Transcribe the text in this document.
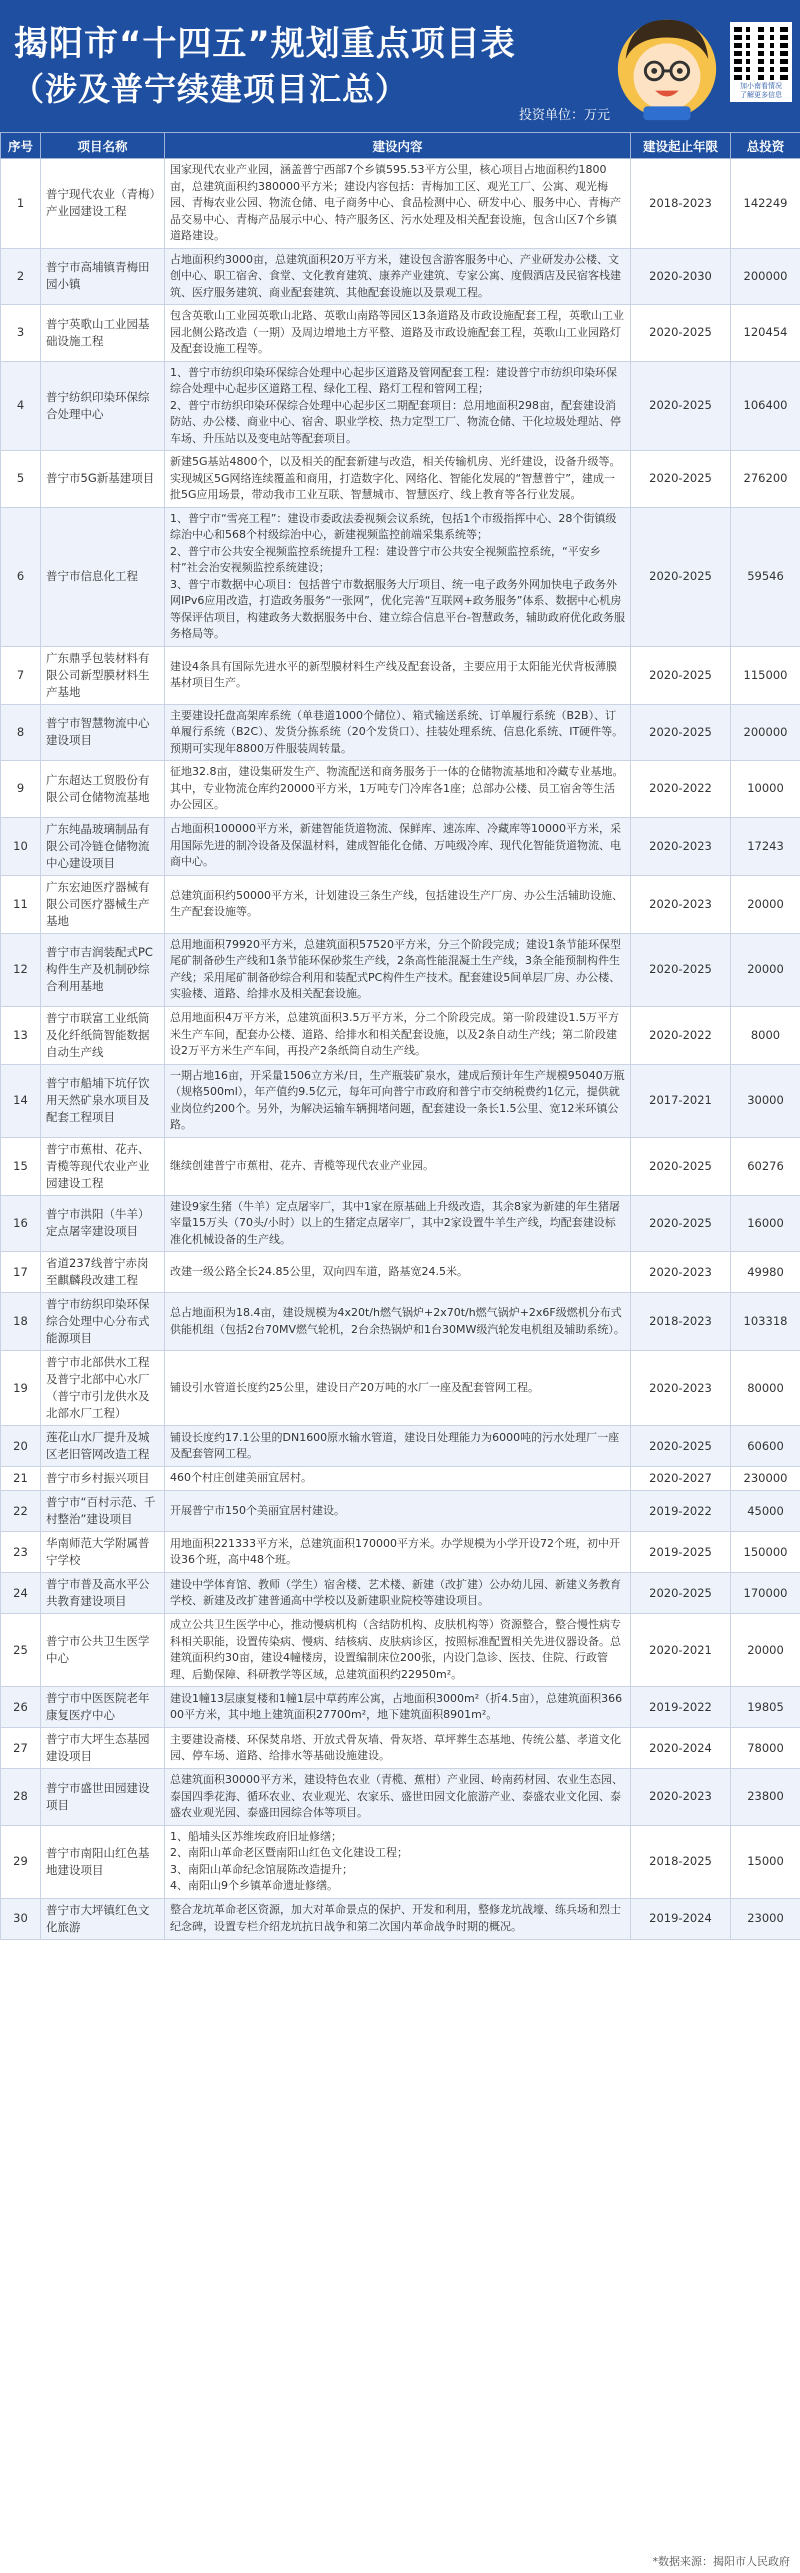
揭阳市“十四五”规划重点项目表
（涉及普宁续建项目汇总）
投资单位：万元
加小南看情况
了解更多信息
序号	项目名称	建设内容	建设起止年限	总投资
1	普宁现代农业（青梅）产业园建设工程	国家现代农业产业园，涵盖普宁西部7个乡镇595.53平方公里，核心项目占地面积约1800亩，总建筑面积约380000平方米；建设内容包括：青梅加工区、观光工厂、公寓、观光梅园、青梅农业公园、物流仓储、电子商务中心、食品检测中心、研发中心、服务中心、青梅产品交易中心、青梅产品展示中心、特产服务区、污水处理及相关配套设施，包含山区7个乡镇道路建设。	2018-2023	142249
2	普宁市高埔镇青梅田园小镇	占地面积约3000亩，总建筑面积20万平方米，建设包含游客服务中心、产业研发办公楼、文创中心、职工宿舍、食堂、文化教育建筑、康养产业建筑、专家公寓、度假酒店及民宿客栈建筑、医疗服务建筑、商业配套建筑、其他配套设施以及景观工程。	2020-2030	200000
3	普宁英歌山工业园基础设施工程	包含英歌山工业园英歌山北路、英歌山南路等园区13条道路及市政设施配套工程，英歌山工业园北侧公路改造（一期）及周边增地土方平整、道路及市政设施配套工程，英歌山工业园路灯及配套设施工程等。	2020-2025	120454
4	普宁纺织印染环保综合处理中心	1、普宁市纺织印染环保综合处理中心起步区道路及管网配套工程：建设普宁市纺织印染环保综合处理中心起步区道路工程、绿化工程、路灯工程和管网工程；
2、普宁市纺织印染环保综合处理中心起步区二期配套项目：总用地面积298亩，配套建设消防站、办公楼、商业中心、宿舍、职业学校、热力定型工厂、物流仓储、干化垃圾处理站、停车场、升压站以及变电站等配套项目。	2020-2025	106400
5	普宁市5G新基建项目	新建5G基站4800个，以及相关的配套新建与改造，相关传输机房、光纤建设，设备升级等。实现城区5G网络连续覆盖和商用，打造数字化、网络化、智能化发展的“智慧普宁”，建成一批5G应用场景，带动我市工业互联、智慧城市、智慧医疗、线上教育等各行业发展。	2020-2025	276200
6	普宁市信息化工程	1、普宁市“雪亮工程”：建设市委政法委视频会议系统，包括1个市级指挥中心、28个街镇级综治中心和568个村级综治中心，新建视频监控前端采集系统等；
2、普宁市公共安全视频监控系统提升工程：建设普宁市公共安全视频监控系统，“平安乡村”社会治安视频监控系统建设；
3、普宁市数据中心项目：包括普宁市数据服务大厅项目、统一电子政务外网加快电子政务外网IPv6应用改造，打造政务服务“一张网”，优化完善“互联网+政务服务”体系、数据中心机房等保评估项目，构建政务大数据服务中台、建立综合信息平台-智慧政务，辅助政府优化政务服务格局等。	2020-2025	59546
7	广东鼎孚包装材料有限公司新型膜材料生产基地	建设4条具有国际先进水平的新型膜材料生产线及配套设备，主要应用于太阳能光伏背板薄膜基材项目生产。	2020-2025	115000
8	普宁市智慧物流中心建设项目	主要建设托盘高架库系统（单巷道1000个储位）、箱式输送系统、订单履行系统（B2B）、订单履行系统（B2C）、发货分拣系统（20个发货口）、挂装处理系统、信息化系统、IT硬件等。预期可实现年8800万件服装周转量。	2020-2025	200000
9	广东超达工贸股份有限公司仓储物流基地	征地32.8亩，建设集研发生产、物流配送和商务服务于一体的仓储物流基地和冷藏专业基地。其中，专业物流仓库约20000平方米，1万吨专门冷库各1座；总部办公楼、员工宿舍等生活办公园区。	2020-2022	10000
10	广东纯晶玻璃制品有限公司冷链仓储物流中心建设项目	占地面积100000平方米，新建智能货道物流、保鲜库、速冻库、冷藏库等10000平方米，采用国际先进的制冷设备及保温材料，建成智能化仓储、万吨级冷库、现代化智能货道物流、电商中心。	2020-2023	17243
11	广东宏迪医疗器械有限公司医疗器械生产基地	总建筑面积约50000平方米，计划建设三条生产线，包括建设生产厂房、办公生活辅助设施、生产配套设施等。	2020-2023	20000
12	普宁市吉润装配式PC构件生产及机制砂综合利用基地	总用地面积79920平方米，总建筑面积57520平方米，分三个阶段完成；建设1条节能环保型尾矿制备砂生产线和1条节能环保砂浆生产线，2条高性能混凝土生产线，3条全能预制构件生产线；采用尾矿制备砂综合利用和装配式PC构件生产技术。配套建设5间单层厂房、办公楼、实验楼、道路、给排水及相关配套设施。	2020-2025	20000
13	普宁市联富工业纸筒及化纤纸筒智能数据自动生产线	总用地面积4万平方米，总建筑面积3.5万平方米，分二个阶段完成。第一阶段建设1.5万平方米生产车间，配套办公楼、道路、给排水和相关配套设施，以及2条自动生产线；第二阶段建设2万平方米生产车间，再投产2条纸筒自动生产线。	2020-2022	8000
14	普宁市船埔下坑仔饮用天然矿泉水项目及配套工程项目	一期占地16亩，开采量1506立方米/日，生产瓶装矿泉水，建成后预计年生产规模95040万瓶（规格500ml），年产值约9.5亿元，每年可向普宁市政府和普宁市交纳税费约1亿元，提供就业岗位约200个。另外，为解决运输车辆拥堵问题，配套建设一条长1.5公里、宽12米环镇公路。	2017-2021	30000
15	普宁市蕉柑、花卉、青榄等现代农业产业园建设工程	继续创建普宁市蕉柑、花卉、青榄等现代农业产业园。	2020-2025	60276
16	普宁市洪阳（牛羊）定点屠宰建设项目	建设9家生猪（牛羊）定点屠宰厂，其中1家在原基础上升级改造，其余8家为新建的年生猪屠宰量15万头（70头/小时）以上的生猪定点屠宰厂，其中2家设置牛羊生产线，均配套建设标准化机械设备的生产线。	2020-2025	16000
17	省道237线普宁赤岗至麒麟段改建工程	改建一级公路全长24.85公里，双向四车道，路基宽24.5米。	2020-2023	49980
18	普宁市纺织印染环保综合处理中心分布式能源项目	总占地面积为18.4亩，建设规模为4x20t/h燃气锅炉+2x70t/h燃气锅炉+2x6F级燃机分布式供能机组（包括2台70MV燃气轮机，2台余热锅炉和1台30MW级汽轮发电机组及辅助系统）。	2018-2023	103318
19	普宁市北部供水工程及普宁北部中心水厂（普宁市引龙供水及北部水厂工程）	铺设引水管道长度约25公里，建设日产20万吨的水厂一座及配套管网工程。	2020-2023	80000
20	莲花山水厂提升及城区老旧管网改造工程	铺设长度约17.1公里的DN1600原水输水管道，建设日处理能力为6000吨的污水处理厂一座及配套管网工程。	2020-2025	60600
21	普宁市乡村振兴项目	460个村庄创建美丽宜居村。	2020-2027	230000
22	普宁市“百村示范、千村整治”建设项目	开展普宁市150个美丽宜居村建设。	2019-2022	45000
23	华南师范大学附属普宁学校	用地面积221333平方米，总建筑面积170000平方米。办学规模为小学开设72个班，初中开设36个班，高中48个班。	2019-2025	150000
24	普宁市普及高水平公共教育建设项目	建设中学体育馆、教师（学生）宿舍楼、艺术楼、新建（改扩建）公办幼儿园、新建义务教育学校、新建及改扩建普通高中学校以及新建职业院校等建设项目。	2020-2025	170000
25	普宁市公共卫生医学中心	成立公共卫生医学中心，推动慢病机构（含结防机构、皮肤机构等）资源整合，整合慢性病专科相关职能，设置传染病、慢病、结核病、皮肤病诊区，按照标准配置相关先进仪器设备。总建筑面积约30亩，建设4幢楼房，设置编制床位200张，内设门急诊、医技、住院、行政管理、后勤保障、科研教学等区域，总建筑面积约22950m²。	2020-2021	20000
26	普宁市中医医院老年康复医疗中心	建设1幢13层康复楼和1幢1层中草药库公寓，占地面积3000m²（折4.5亩），总建筑面积36600平方米，其中地上建筑面积27700m²，地下建筑面积8901m²。	2019-2022	19805
27	普宁市大坪生态基园建设项目	主要建设斋楼、环保焚帛塔、开放式骨灰墙、骨灰塔、草坪葬生态基地、传统公墓、孝道文化园、停车场、道路、给排水等基础设施建设。	2020-2024	78000
28	普宁市盛世田园建设项目	总建筑面积30000平方米，建设特色农业（青榄、蕉柑）产业园、岭南药材园、农业生态园、泰国四季花海、循环农业、农业观光、农家乐、盛世田园文化旅游产业、泰盛农业文化园、泰盛农业观光园、泰盛田园综合体等项目。	2020-2023	23800
29	普宁市南阳山红色基地建设项目	1、船埔头区苏维埃政府旧址修缮；
2、南阳山革命老区暨南阳山红色文化建设工程；
3、南阳山革命纪念馆展陈改造提升；
4、南阳山9个乡镇革命遗址修缮。	2018-2025	15000
30	普宁市大坪镇红色文化旅游	整合龙坑革命老区资源，加大对革命景点的保护、开发和利用，整修龙坑战壕、练兵场和烈士纪念碑，设置专栏介绍龙坑抗日战争和第二次国内革命战争时期的概况。	2019-2024	23000
*数据来源：揭阳市人民政府
